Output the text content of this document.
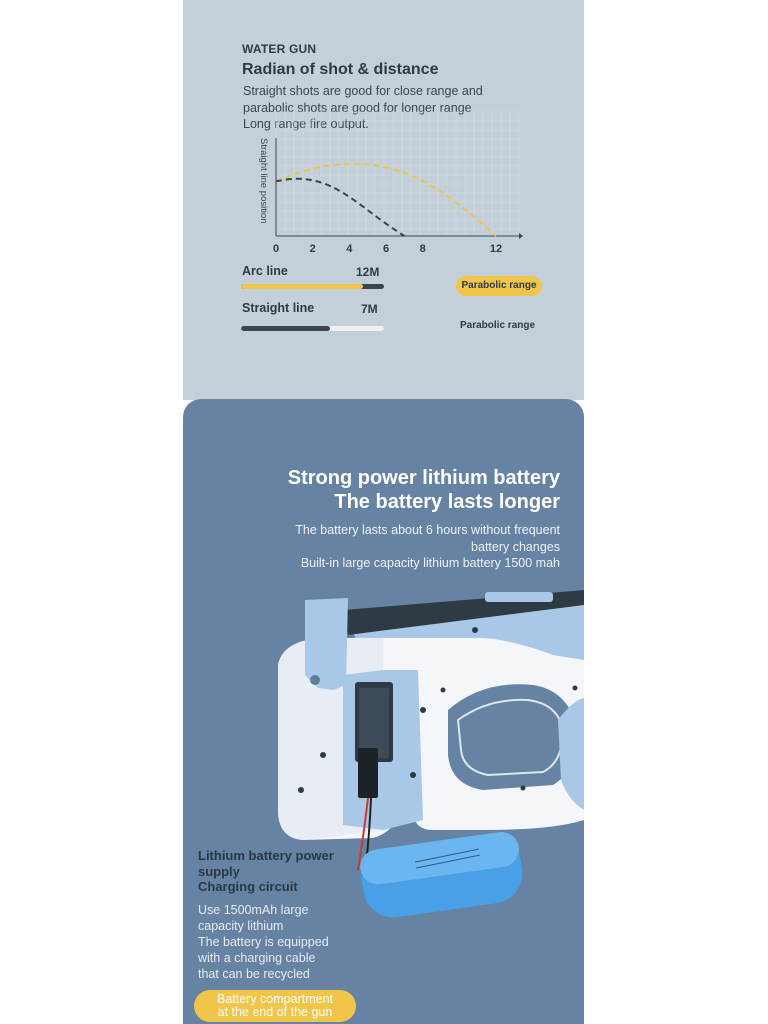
WATER GUN
Radian of shot & distance
Straight shots are good for close range and
parabolic shots are good for longer range
Long range fire output.
0	2	4	6	8	12
Straight line position
Arc line	12M
Straight line	7M
Parabolic range
Parabolic range
Strong power lithium battery
The battery lasts longer
The battery lasts about 6 hours without frequent
battery changes
Built-in large capacity lithium battery 1500 mah
Lithium battery power
supply
Charging circuit
Use 1500mAh large
capacity lithium
The battery is equipped
with a charging cable
that can be recycled
Battery compartment
at the end of the gun
